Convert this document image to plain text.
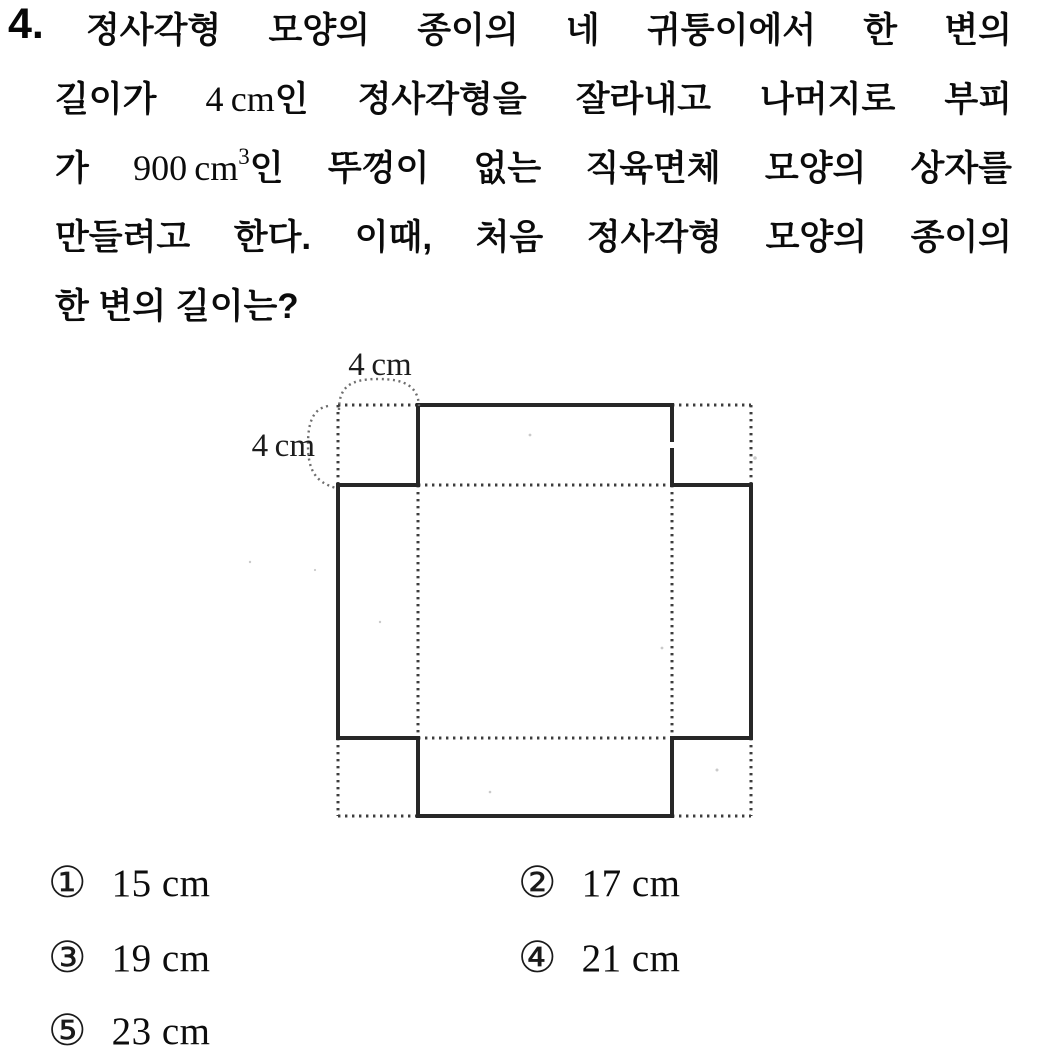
4.	정사각형 모양의 종이의 네 귀퉁이에서 한 변의
길이가 4 cm인 정사각형을 잘라내고 나머지로 부피
가 900 $cm^3$인 뚜껑이 없는 직육면체 모양의 상자를
만들려고 한다. 이때, 처음 정사각형 모양의 종이의
한 변의 길이는?
4 cm
4 cm
① 15 cm	② 17 cm
③ 19 cm	④ 21 cm
⑤ 23 cm
